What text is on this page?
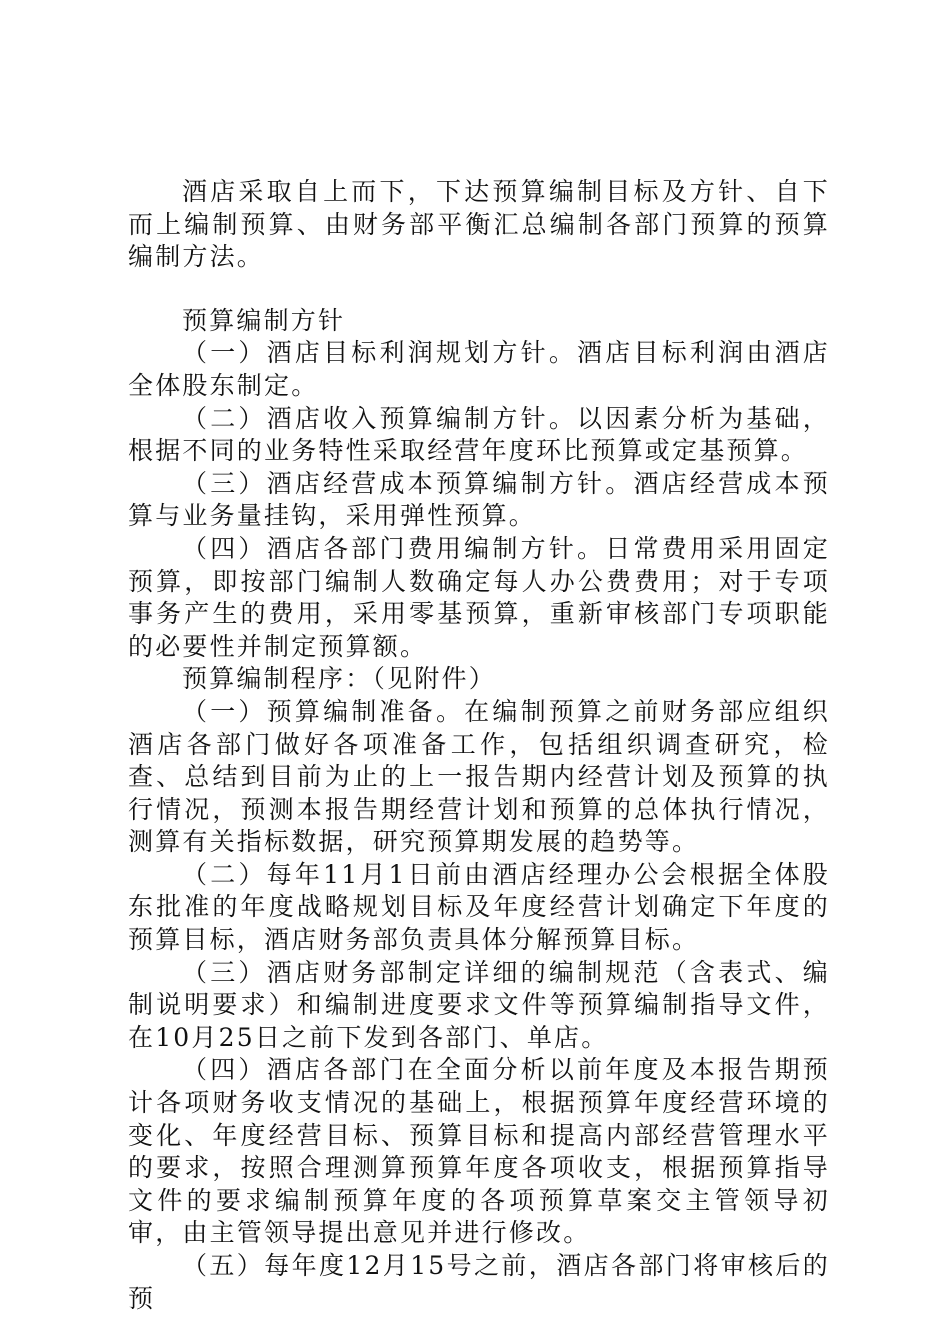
酒店采取自上而下，下达预算编制目标及方针、自下而上编制预算、由财务部平衡汇总编制各部门预算的预算编制方法。

预算编制方针

（一）酒店目标利润规划方针。酒店目标利润由酒店全体股东制定。

（二）酒店收入预算编制方针。以因素分析为基础，根据不同的业务特性采取经营年度环比预算或定基预算。

（三）酒店经营成本预算编制方针。酒店经营成本预算与业务量挂钩，采用弹性预算。

（四）酒店各部门费用编制方针。日常费用采用固定预算，即按部门编制人数确定每人办公费费用；对于专项事务产生的费用，采用零基预算，重新审核部门专项职能的必要性并制定预算额。

预算编制程序：（见附件）

（一）预算编制准备。在编制预算之前财务部应组织酒店各部门做好各项准备工作，包括组织调查研究，检查、总结到目前为止的上一报告期内经营计划及预算的执行情况，预测本报告期经营计划和预算的总体执行情况，测算有关指标数据，研究预算期发展的趋势等。

（二）每年11月1日前由酒店经理办公会根据全体股东批准的年度战略规划目标及年度经营计划确定下年度的预算目标，酒店财务部负责具体分解预算目标。

（三）酒店财务部制定详细的编制规范（含表式、编制说明要求）和编制进度要求文件等预算编制指导文件，在10月25日之前下发到各部门、单店。

（四）酒店各部门在全面分析以前年度及本报告期预计各项财务收支情况的基础上，根据预算年度经营环境的变化、年度经营目标、预算目标和提高内部经营管理水平的要求，按照合理测算预算年度各项收支，根据预算指导文件的要求编制预算年度的各项预算草案交主管领导初审，由主管领导提出意见并进行修改。

（五）每年度12月15号之前，酒店各部门将审核后的预
